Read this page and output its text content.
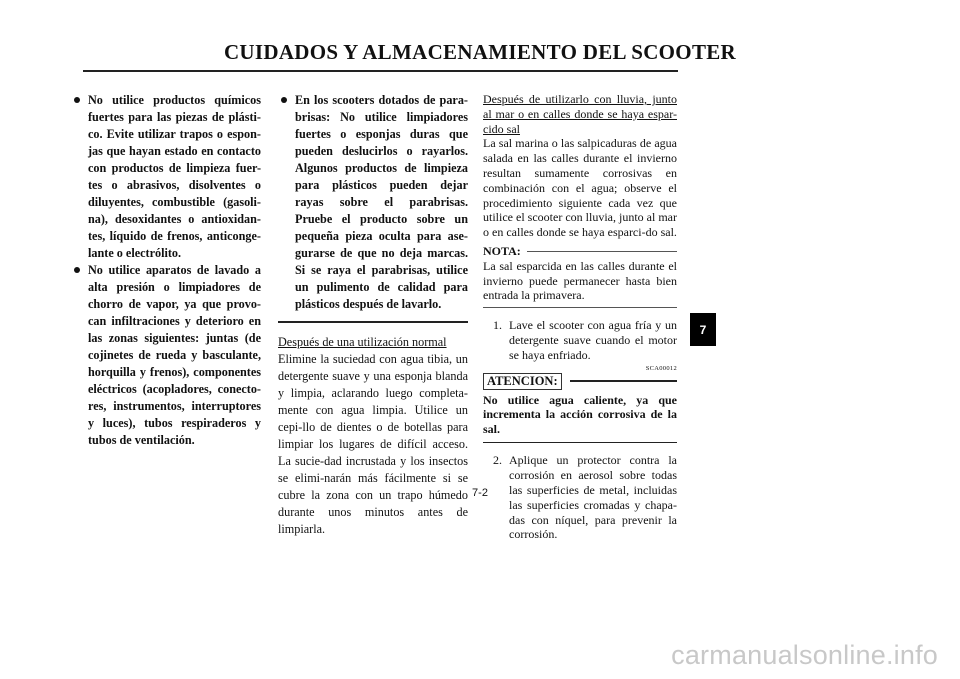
CUIDADOS Y ALMACENAMIENTO DEL SCOOTER
No utilice productos químicos fuertes para las piezas de plásti-co. Evite utilizar trapos o espon-jas que hayan estado en contacto con productos de limpieza fuer-tes o abrasivos, disolventes o diluyentes, combustible (gasoli-na), desoxidantes o antioxidan-tes, líquido de frenos, anticonge-lante o electrólito.
No utilice aparatos de lavado a alta presión o limpiadores de chorro de vapor, ya que provo-can infiltraciones y deterioro en las zonas siguientes: juntas (de cojinetes de rueda y basculante, horquilla y frenos), componentes eléctricos (acopladores, conecto-res, instrumentos, interruptores y luces), tubos respiraderos y tubos de ventilación.
En los scooters dotados de para-brisas: No utilice limpiadores fuertes o esponjas duras que pueden deslucirlos o rayarlos. Algunos productos de limpieza para plásticos pueden dejar rayas sobre el parabrisas. Pruebe el producto sobre un pequeña pieza oculta para ase-gurarse de que no deja marcas. Si se raya el parabrisas, utilice un pulimento de calidad para plásticos después de lavarlo.
Después de una utilización normal
Elimine la suciedad con agua tibia, un detergente suave y una esponja blanda y limpia, aclarando luego completa-mente con agua limpia. Utilice un cepi-llo de dientes o de botellas para limpiar los lugares de difícil acceso. La sucie-dad incrustada y los insectos se elimi-narán más fácilmente si se cubre la zona con un trapo húmedo durante unos minutos antes de limpiarla.
Después de utilizarlo con lluvia, junto al mar o en calles donde se haya espar-cido sal
La sal marina o las salpicaduras de agua salada en las calles durante el invierno resultan sumamente corrosivas en combinación con el agua; observe el procedimiento siguiente cada vez que utilice el scooter con lluvia, junto al mar o en calles donde se haya esparci-do sal.
NOTA:
La sal esparcida en las calles durante el invierno puede permanecer hasta bien entrada la primavera.
1. Lave el scooter con agua fría y un detergente suave cuando el motor se haya enfriado.
SCA00012
ATENCION:
No utilice agua caliente, ya que incrementa la acción corrosiva de la sal.
2. Aplique un protector contra la corrosión en aerosol sobre todas las superficies de metal, incluidas las superficies cromadas y chapa-das con níquel, para prevenir la corrosión.
7-2
7
carmanualsonline.info
